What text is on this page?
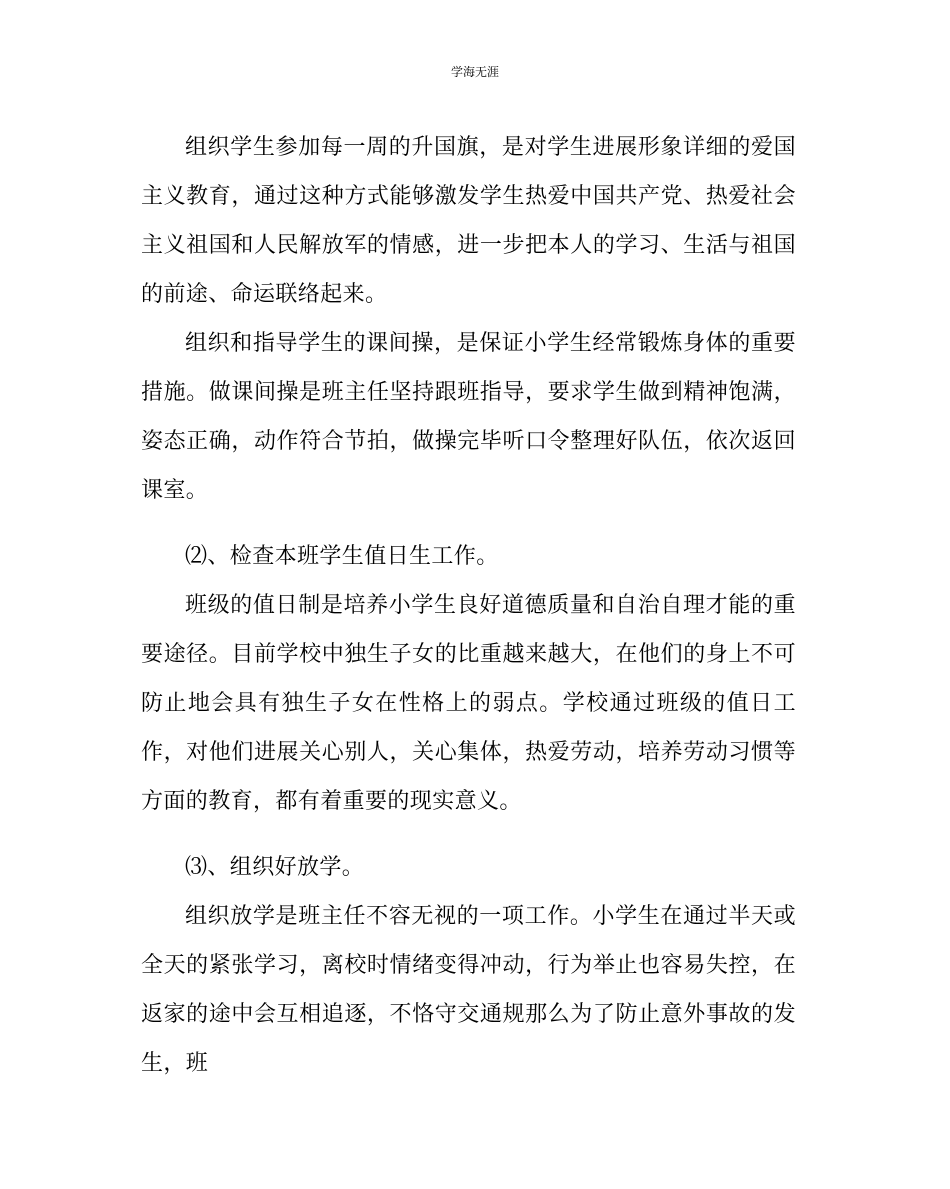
学海无涯

组织学生参加每一周的升国旗，是对学生进展形象详细的爱国主义教育，通过这种方式能够激发学生热爱中国共产党、热爱社会主义祖国和人民解放军的情感，进一步把本人的学习、生活与祖国的前途、命运联络起来。

组织和指导学生的课间操，是保证小学生经常锻炼身体的重要措施。做课间操是班主任坚持跟班指导，要求学生做到精神饱满，姿态正确，动作符合节拍，做操完毕听口令整理好队伍，依次返回课室。

⑵、检查本班学生值日生工作。

班级的值日制是培养小学生良好道德质量和自治自理才能的重要途径。目前学校中独生子女的比重越来越大，在他们的身上不可防止地会具有独生子女在性格上的弱点。学校通过班级的值日工作，对他们进展关心别人，关心集体，热爱劳动，培养劳动习惯等方面的教育，都有着重要的现实意义。

⑶、组织好放学。

组织放学是班主任不容无视的一项工作。小学生在通过半天或全天的紧张学习，离校时情绪变得冲动，行为举止也容易失控，在返家的途中会互相追逐，不恪守交通规那么为了防止意外事故的发生，班
